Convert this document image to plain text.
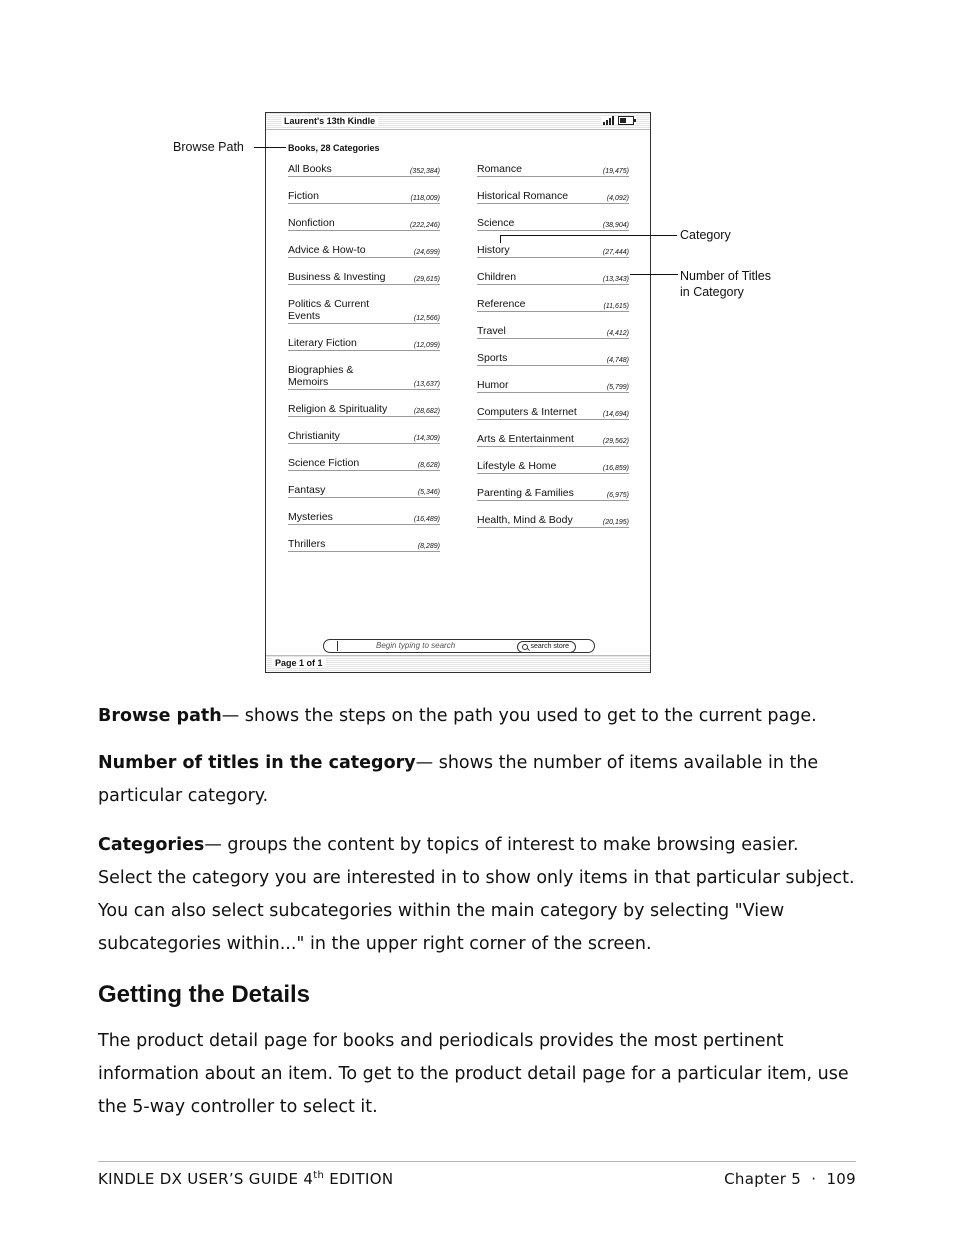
Laurent's 13th Kindle
Books, 28 Categories
All Books	(352,384)
Fiction	(118,009)
Nonfiction	(222,246)
Advice & How-to	(24,699)
Business & Investing	(29,615)
Politics & Current Events	(12,566)
Literary Fiction	(12,099)
Biographies & Memoirs	(13,637)
Religion & Spirituality	(28,682)
Christianity	(14,309)
Science Fiction	(8,628)
Fantasy	(5,346)
Mysteries	(16,489)
Thrillers	(8,289)
Romance	(19,475)
Historical Romance	(4,092)
Science	(38,904)
History	(27,444)
Children	(13,343)
Reference	(11,615)
Travel	(4,412)
Sports	(4,748)
Humor	(5,799)
Computers & Internet	(14,694)
Arts & Entertainment	(29,562)
Lifestyle & Home	(16,859)
Parenting & Families	(6,975)
Health, Mind & Body	(20,195)
Begin typing to search	search store
Page 1 of 1
Browse Path
Category
Number of Titles
in Category

Browse path— shows the steps on the path you used to get to the current page.

Number of titles in the category— shows the number of items available in the particular category.

Categories— groups the content by topics of interest to make browsing easier. Select the category you are interested in to show only items in that particular subject. You can also select subcategories within the main category by selecting "View subcategories within..." in the upper right corner of the screen.

Getting the Details

The product detail page for books and periodicals provides the most pertinent information about an item. To get to the product detail page for a particular item, use the 5-way controller to select it.

KINDLE DX USER’S GUIDE 4th EDITION	Chapter 5  ·  109
